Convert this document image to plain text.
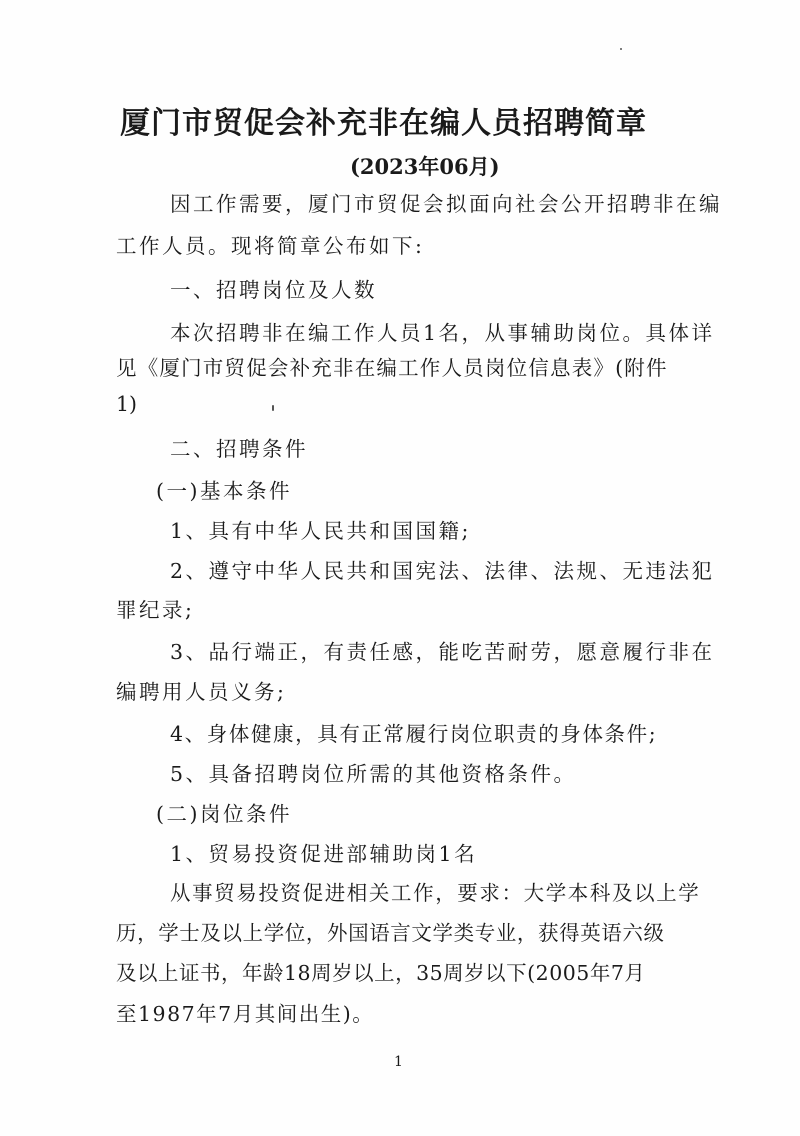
厦门市贸促会补充非在编人员招聘简章
(2023年06月)
因工作需要，厦门市贸促会拟面向社会公开招聘非在编
工作人员。现将简章公布如下:
一、招聘岗位及人数
本次招聘非在编工作人员1名，从事辅助岗位。具体详
见《厦门市贸促会补充非在编工作人员岗位信息表》(附件
1)
二、招聘条件
(一)基本条件
1、具有中华人民共和国国籍;
2、遵守中华人民共和国宪法、法律、法规、无违法犯
罪纪录;
3、品行端正，有责任感，能吃苦耐劳，愿意履行非在
编聘用人员义务;
4、身体健康，具有正常履行岗位职责的身体条件;
5、具备招聘岗位所需的其他资格条件。
(二)岗位条件
1、贸易投资促进部辅助岗1名
从事贸易投资促进相关工作，要求：大学本科及以上学
历，学士及以上学位，外国语言文学类专业，获得英语六级
及以上证书，年龄18周岁以上，35周岁以下(2005年7月
至1987年7月其间出生)。
1
